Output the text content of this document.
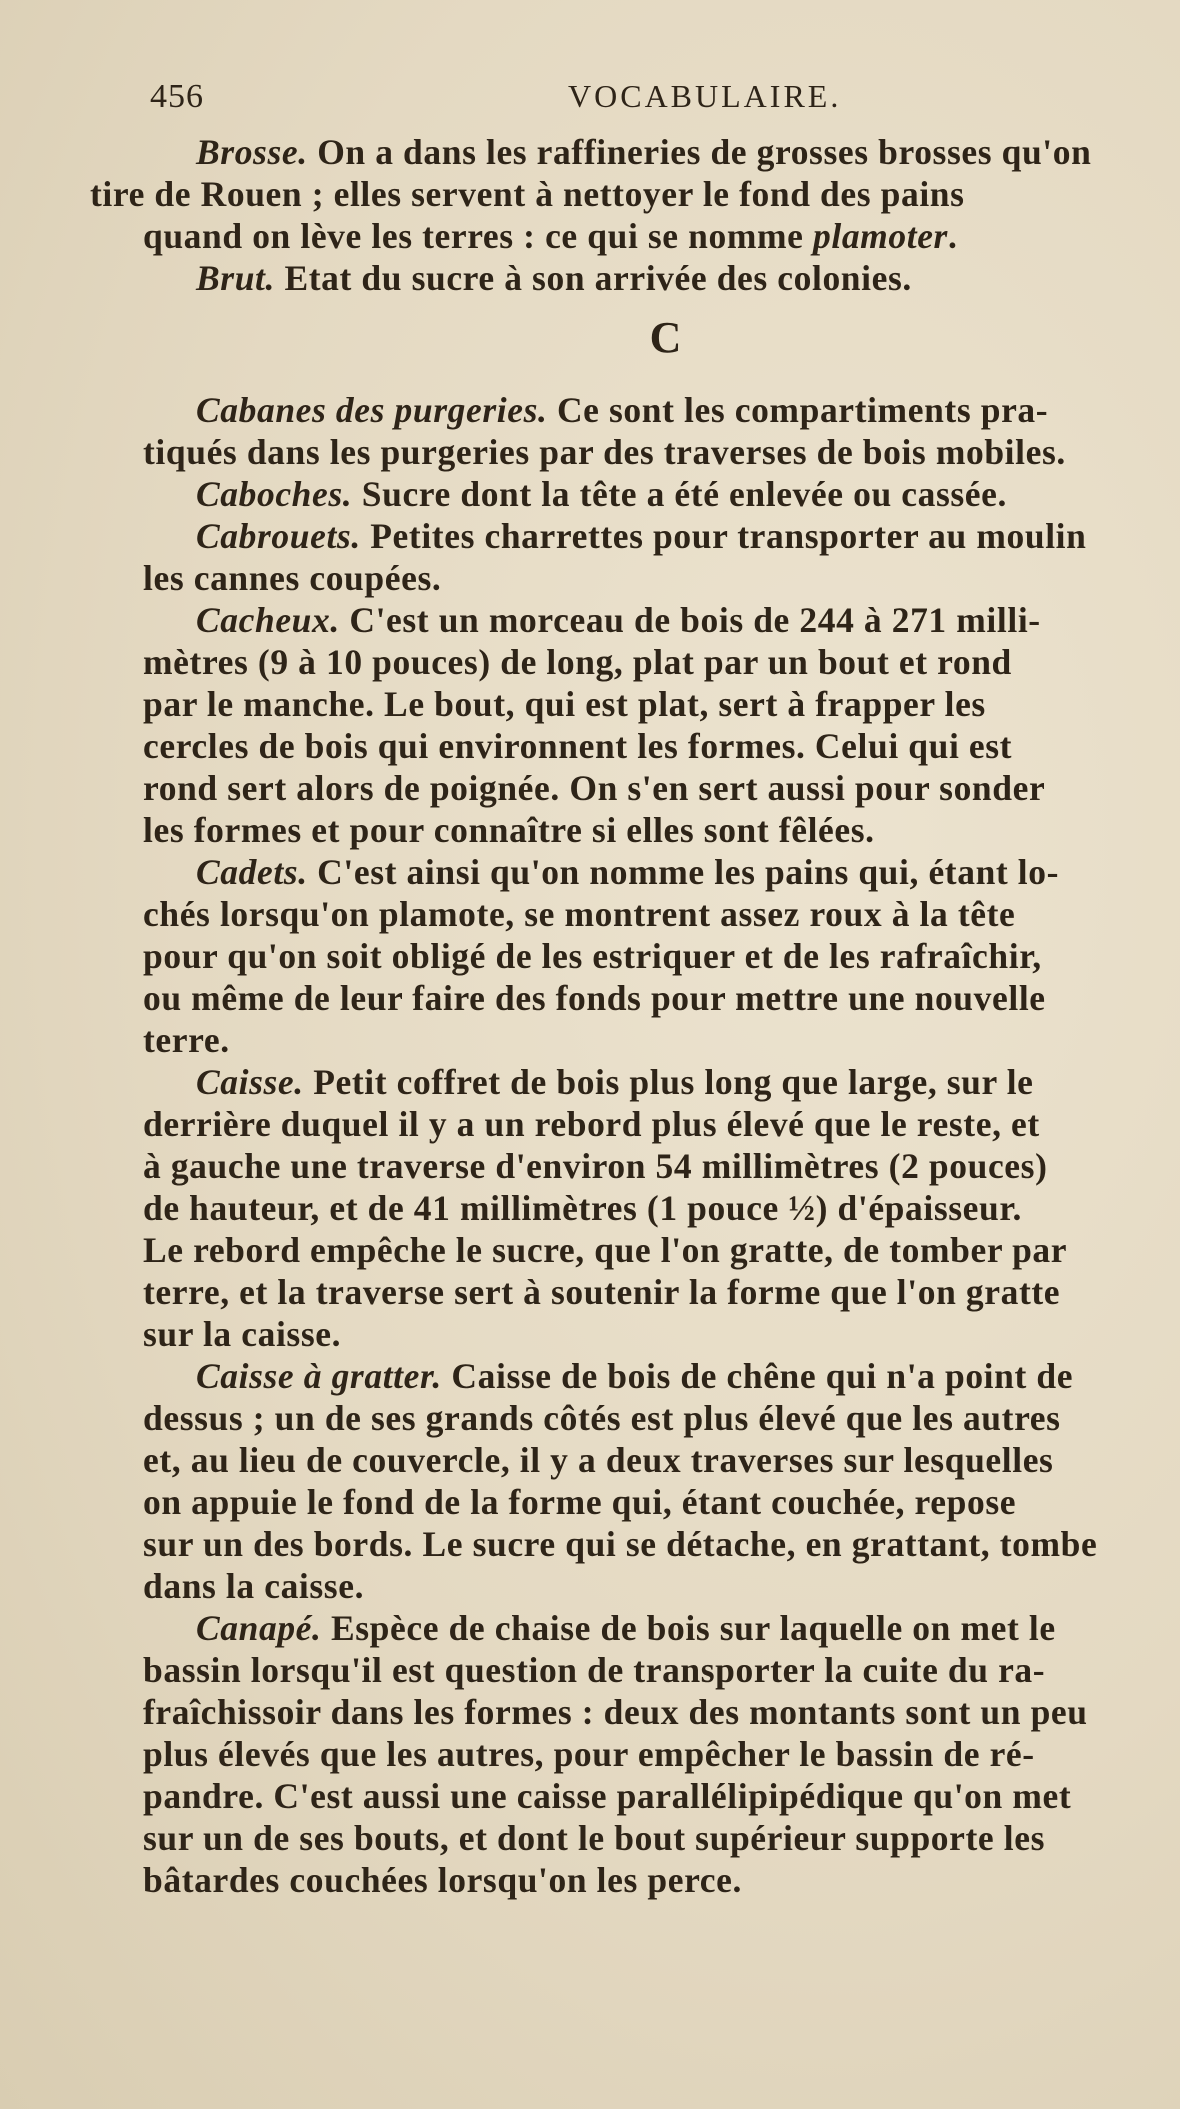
456	VOCABULAIRE.

Brosse. On a dans les raffineries de grosses brosses qu'on
tire de Rouen ; elles servent à nettoyer le fond des pains
quand on lève les terres : ce qui se nomme plamoter.

Brut. Etat du sucre à son arrivée des colonies.

C

Cabanes des purgeries. Ce sont les compartiments pra-
tiqués dans les purgeries par des traverses de bois mobiles.

Caboches. Sucre dont la tête a été enlevée ou cassée.

Cabrouets. Petites charrettes pour transporter au moulin
les cannes coupées.

Cacheux. C'est un morceau de bois de 244 à 271 milli-
mètres (9 à 10 pouces) de long, plat par un bout et rond
par le manche. Le bout, qui est plat, sert à frapper les
cercles de bois qui environnent les formes. Celui qui est
rond sert alors de poignée. On s'en sert aussi pour sonder
les formes et pour connaître si elles sont fêlées.

Cadets. C'est ainsi qu'on nomme les pains qui, étant lo-
chés lorsqu'on plamote, se montrent assez roux à la tête
pour qu'on soit obligé de les estriquer et de les rafraîchir,
ou même de leur faire des fonds pour mettre une nouvelle
terre.

Caisse. Petit coffret de bois plus long que large, sur le
derrière duquel il y a un rebord plus élevé que le reste, et
à gauche une traverse d'environ 54 millimètres (2 pouces)
de hauteur, et de 41 millimètres (1 pouce ½) d'épaisseur.
Le rebord empêche le sucre, que l'on gratte, de tomber par
terre, et la traverse sert à soutenir la forme que l'on gratte
sur la caisse.

Caisse à gratter. Caisse de bois de chêne qui n'a point de
dessus ; un de ses grands côtés est plus élevé que les autres
et, au lieu de couvercle, il y a deux traverses sur lesquelles
on appuie le fond de la forme qui, étant couchée, repose
sur un des bords. Le sucre qui se détache, en grattant, tombe
dans la caisse.

Canapé. Espèce de chaise de bois sur laquelle on met le
bassin lorsqu'il est question de transporter la cuite du ra-
fraîchissoir dans les formes : deux des montants sont un peu
plus élevés que les autres, pour empêcher le bassin de ré-
pandre. C'est aussi une caisse parallélipipédique qu'on met
sur un de ses bouts, et dont le bout supérieur supporte les
bâtardes couchées lorsqu'on les perce.
